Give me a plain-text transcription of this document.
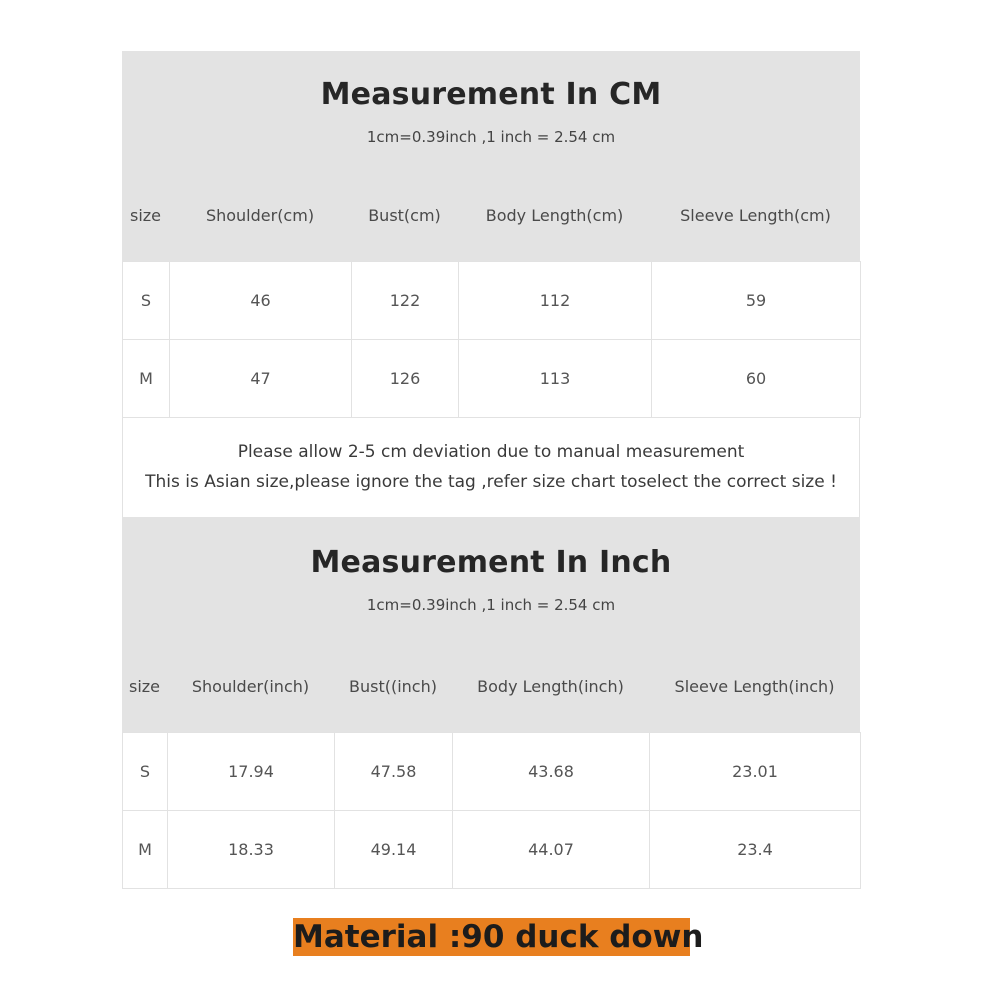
Measurement In CM
1cm=0.39inch ,1 inch = 2.54 cm
size	Shoulder(cm)	Bust(cm)	Body Length(cm)	Sleeve Length(cm)
S	46	122	112	59
M	47	126	113	60
Please allow 2-5 cm deviation due to manual measurement
This is Asian size,please ignore the tag ,refer size chart toselect the correct size !
Measurement In Inch
1cm=0.39inch ,1 inch = 2.54 cm
size	Shoulder(inch)	Bust((inch)	Body Length(inch)	Sleeve Length(inch)
S	17.94	47.58	43.68	23.01
M	18.33	49.14	44.07	23.4
Material :90 duck down
